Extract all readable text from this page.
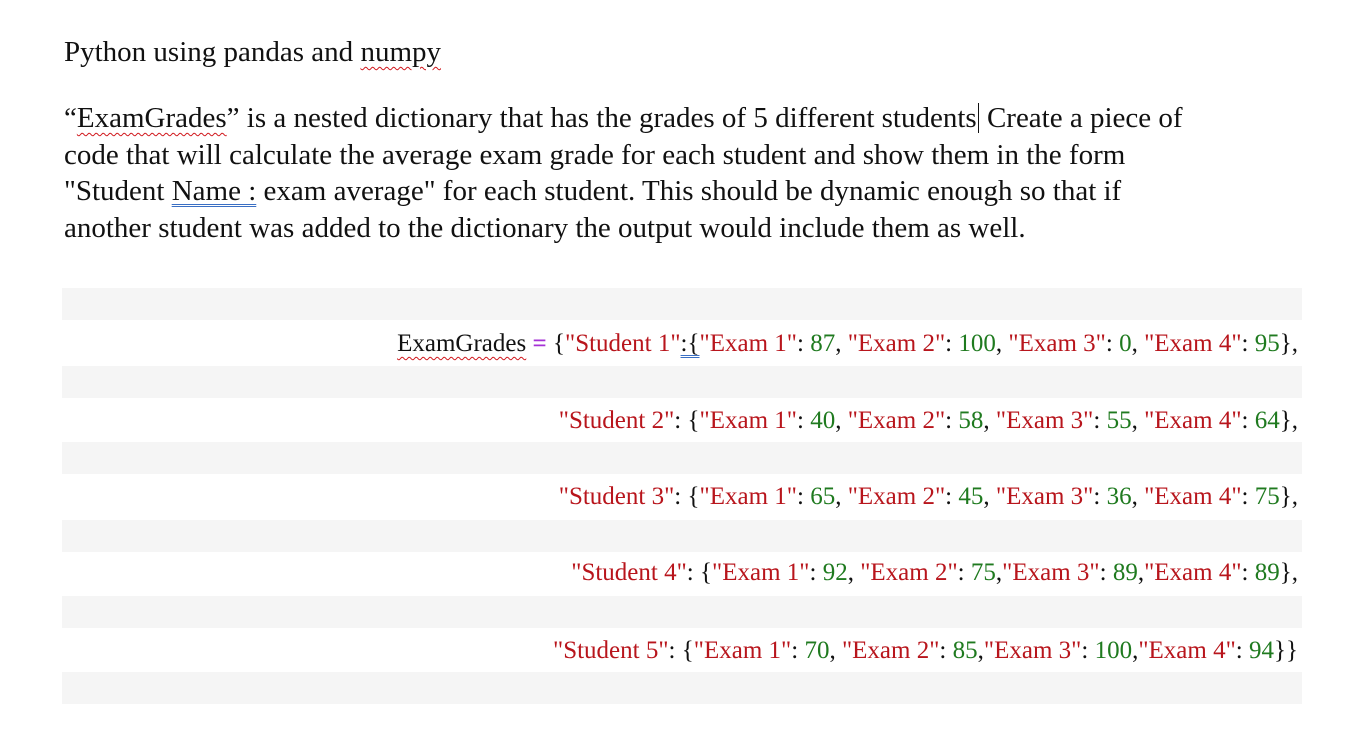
Python using pandas and numpy
“ExamGrades” is a nested dictionary that has the grades of 5 different students Create a piece of
code that will calculate the average exam grade for each student and show them in the form
"Student Name : exam average" for each student. This should be dynamic enough so that if
another student was added to the dictionary the output would include them as well.
ExamGrades = {"Student 1":{"Exam 1": 87, "Exam 2": 100, "Exam 3": 0, "Exam 4": 95},
"Student 2": {"Exam 1": 40, "Exam 2": 58, "Exam 3": 55, "Exam 4": 64},
"Student 3": {"Exam 1": 65, "Exam 2": 45, "Exam 3": 36, "Exam 4": 75},
"Student 4": {"Exam 1": 92, "Exam 2": 75,"Exam 3": 89,"Exam 4": 89},
"Student 5": {"Exam 1": 70, "Exam 2": 85,"Exam 3": 100,"Exam 4": 94}}
